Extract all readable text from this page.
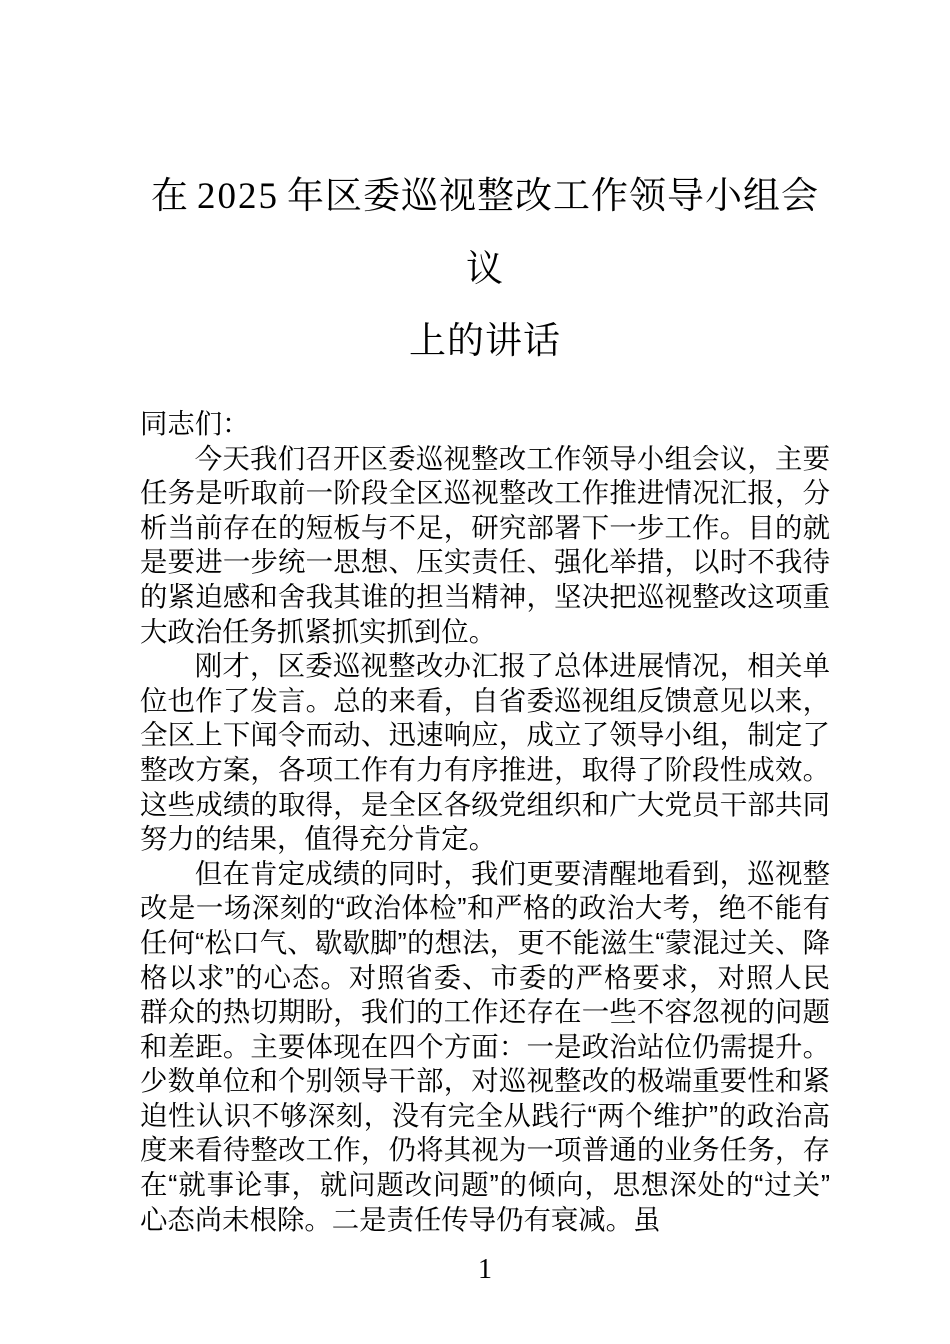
在 2025 年区委巡视整改工作领导小组会议
上的讲话

同志们：

今天我们召开区委巡视整改工作领导小组会议，主要任务是听取前一阶段全区巡视整改工作推进情况汇报，分析当前存在的短板与不足，研究部署下一步工作。目的就是要进一步统一思想、压实责任、强化举措，以时不我待的紧迫感和舍我其谁的担当精神，坚决把巡视整改这项重大政治任务抓紧抓实抓到位。

刚才，区委巡视整改办汇报了总体进展情况，相关单位也作了发言。总的来看，自省委巡视组反馈意见以来，全区上下闻令而动、迅速响应，成立了领导小组，制定了整改方案，各项工作有力有序推进，取得了阶段性成效。这些成绩的取得，是全区各级党组织和广大党员干部共同努力的结果，值得充分肯定。

但在肯定成绩的同时，我们更要清醒地看到，巡视整改是一场深刻的“政治体检”和严格的政治大考，绝不能有任何“松口气、歇歇脚”的想法，更不能滋生“蒙混过关、降格以求”的心态。对照省委、市委的严格要求，对照人民群众的热切期盼，我们的工作还存在一些不容忽视的问题和差距。主要体现在四个方面：一是政治站位仍需提升。少数单位和个别领导干部，对巡视整改的极端重要性和紧迫性认识不够深刻，没有完全从践行“两个维护”的政治高度来看待整改工作，仍将其视为一项普通的业务任务，存在“就事论事，就问题改问题”的倾向，思想深处的“过关”心态尚未根除。二是责任传导仍有衰减。虽

1
